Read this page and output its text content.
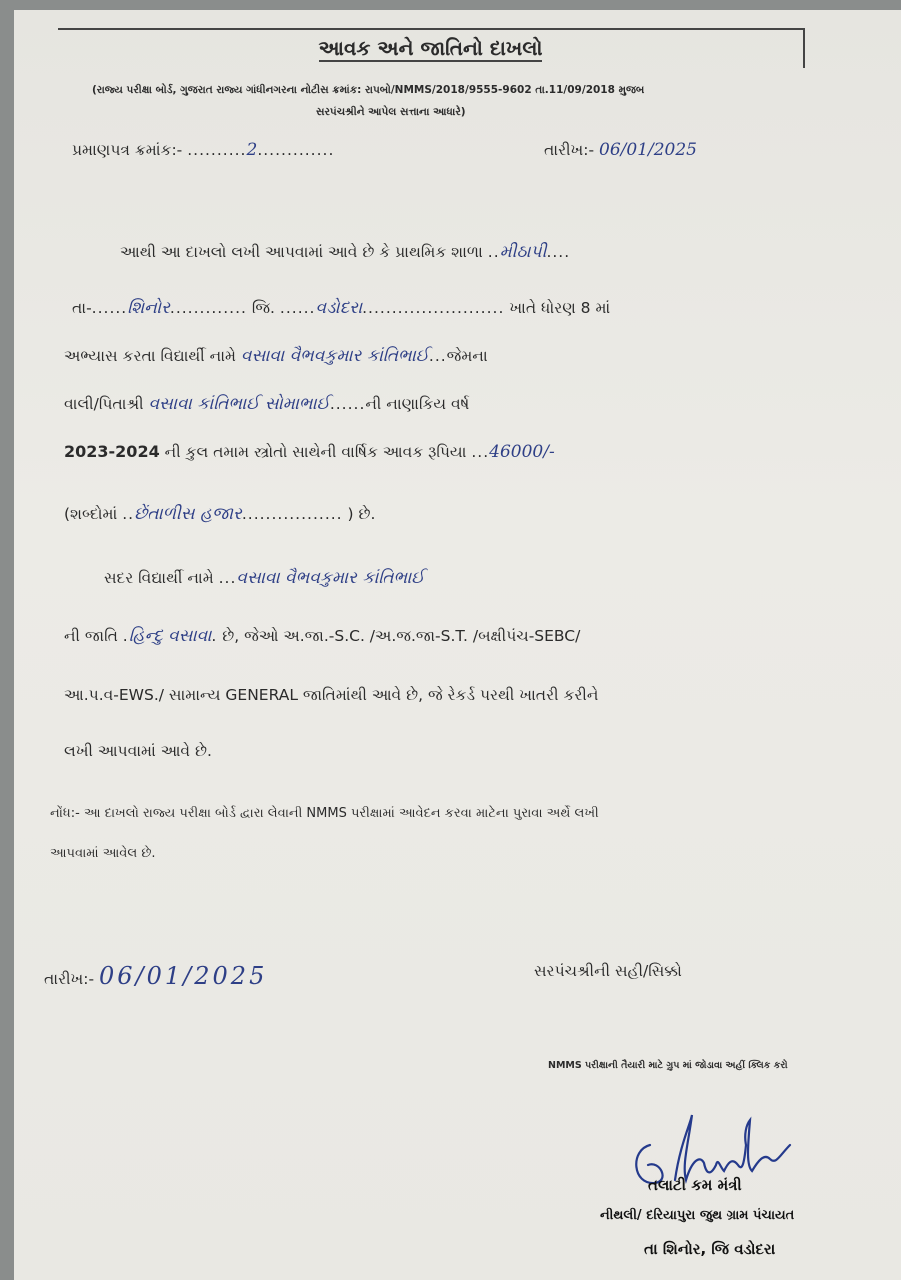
આવક અને જાતિનો દાખલો
(રાજ્ય પરીક્ષા બોર્ડ, ગુજરાત રાજ્ય ગાંધીનગરના નોટીસ ક્રમાંક: રાપબો/NMMS/2018/9555-9602 તા.11/09/2018 મુજબ
સરપંચશ્રીને આપેલ સત્તાના આધારે)
પ્રમાણપત્ર ક્રમાંક:- ..........2.............	તારીખ:- 06/01/2025
આથી આ દાખલો લખી આપવામાં આવે છે કે પ્રાથમિક શાળા ..મીઠાપી....
તા-......શિનોર............. જિ. ......વડોદરા........................ ખાતે ધોરણ 8 માં
અભ્યાસ કરતા વિદ્યાર્થી નામે વસાવા વૈભવકુમાર કાંતિભાઈ...જેમના
વાલી/પિતાશ્રી વસાવા કાંતિભાઈ સોમાભાઈ......ની નાણાકિય વર્ષ
2023-2024 ની કુલ તમામ સ્ત્રોતો સાથેની વાર્ષિક આવક રૂપિયા ...46000/-
(શબ્દોમાં ..છેંતાળીસ હજાર................. ) છે.
સદર વિદ્યાર્થી નામે ...વસાવા વૈભવકુમાર કાંતિભાઈ
ની જાતિ .હિન્દુ વસાવા. છે, જેઓ અ.જા.-S.C. /અ.જ.જા-S.T. /બક્ષીપંચ-SEBC/
આ.પ.વ-EWS./ સામાન્ય GENERAL જાતિમાંથી આવે છે, જે રેકર્ડ પરથી ખાતરી કરીને
લખી આપવામાં આવે છે.
નોંધ:- આ દાખલો રાજ્ય પરીક્ષા બોર્ડ દ્વારા લેવાની NMMS પરીક્ષામાં આવેદન કરવા માટેના પુરાવા અર્થે લખી
આપવામાં આવેલ છે.
તારીખ:- 06/01/2025	સરપંચશ્રીની સહી/સિક્કો
NMMS પરીક્ષાની તૈયારી માટે ગ્રુપ માં જોડાવા અહીં ક્લિક કરો
તલાટી કમ મંત્રી
નીથલી/ દરિયાપુરા જુથ ગ્રામ પંચાયત
તા શિનોર, જિ વડોદરા
